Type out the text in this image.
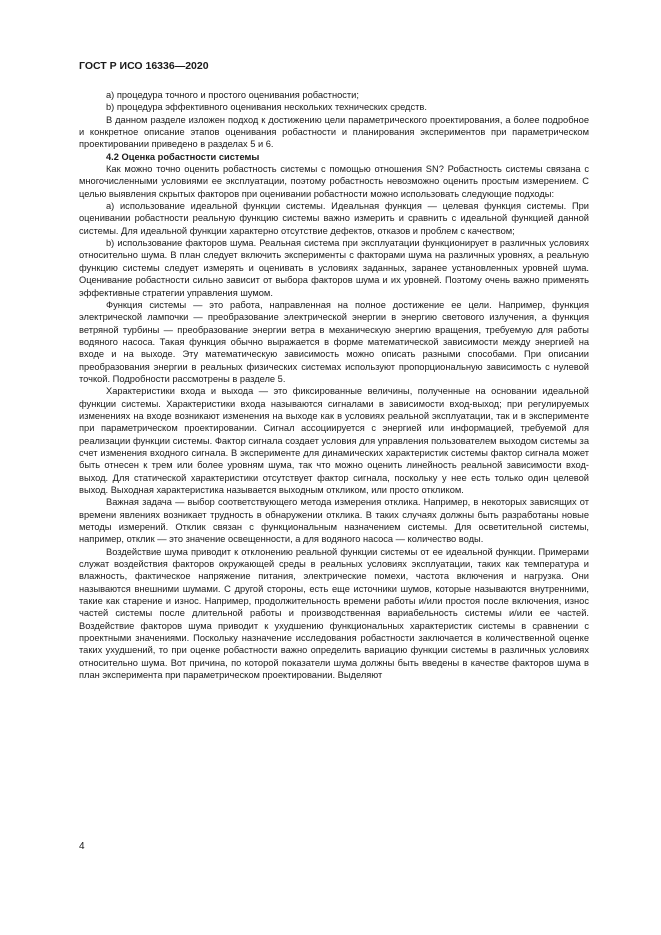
ГОСТ Р ИСО 16336—2020

а) процедура точного и простого оценивания робастности;

b) процедура эффективного оценивания нескольких технических средств.

В данном разделе изложен подход к достижению цели параметрического проектирования, а более подробное и конкретное описание этапов оценивания робастности и планирования экспериментов при параметрическом проектировании приведено в разделах 5 и 6.

4.2 Оценка робастности системы

Как можно точно оценить робастность системы с помощью отношения SN? Робастность системы связана с многочисленными условиями ее эксплуатации, поэтому робастность невозможно оценить простым измерением. С целью выявления скрытых факторов при оценивании робастности можно использовать следующие подходы:

a) использование идеальной функции системы. Идеальная функция — целевая функция системы. При оценивании робастности реальную функцию системы важно измерить и сравнить с идеальной функцией данной системы. Для идеальной функции характерно отсутствие дефектов, отказов и проблем с качеством;

b) использование факторов шума. Реальная система при эксплуатации функционирует в различных условиях относительно шума. В план следует включить эксперименты с факторами шума на различных уровнях, а реальную функцию системы следует измерять и оценивать в условиях заданных, заранее установленных уровней шума. Оценивание робастности сильно зависит от выбора факторов шума и их уровней. Поэтому очень важно применять эффективные стратегии управления шумом.

Функция системы — это работа, направленная на полное достижение ее цели. Например, функция электрической лампочки — преобразование электрической энергии в энергию светового излучения, а функция ветряной турбины — преобразование энергии ветра в механическую энергию вращения, требуемую для работы водяного насоса. Такая функция обычно выражается в форме математической зависимости между энергией на входе и на выходе. Эту математическую зависимость можно описать разными способами. При описании преобразования энергии в реальных физических системах используют пропорциональную зависимость с нулевой точкой. Подробности рассмотрены в разделе 5.

Характеристики входа и выхода — это фиксированные величины, полученные на основании идеальной функции системы. Характеристики входа называются сигналами в зависимости вход-выход; при регулируемых изменениях на входе возникают изменения на выходе как в условиях реальной эксплуатации, так и в эксперименте при параметрическом проектировании. Сигнал ассоциируется с энергией или информацией, требуемой для реализации функции системы. Фактор сигнала создает условия для управления пользователем выходом системы за счет изменения входного сигнала. В эксперименте для динамических характеристик системы фактор сигнала может быть отнесен к трем или более уровням шума, так что можно оценить линейность реальной зависимости вход-выход. Для статической характеристики отсутствует фактор сигнала, поскольку у нее есть только один целевой выход. Выходная характеристика называется выходным откликом, или просто откликом.

Важная задача — выбор соответствующего метода измерения отклика. Например, в некоторых зависящих от времени явлениях возникает трудность в обнаружении отклика. В таких случаях должны быть разработаны новые методы измерений. Отклик связан с функциональным назначением системы. Для осветительной системы, например, отклик — это значение освещенности, а для водяного насоса — количество воды.

Воздействие шума приводит к отклонению реальной функции системы от ее идеальной функции. Примерами служат воздействия факторов окружающей среды в реальных условиях эксплуатации, таких как температура и влажность, фактическое напряжение питания, электрические помехи, частота включения и нагрузка. Они называются внешними шумами. С другой стороны, есть еще источники шумов, которые называются внутренними, такие как старение и износ. Например, продолжительность времени работы и/или простоя после включения, износ частей системы после длительной работы и производственная вариабельность системы и/или ее частей. Воздействие факторов шума приводит к ухудшению функциональных характеристик системы в сравнении с проектными значениями. Поскольку назначение исследования робастности заключается в количественной оценке таких ухудшений, то при оценке робастности важно определить вариацию функции системы в различных условиях относительно шума. Вот причина, по которой показатели шума должны быть введены в качестве факторов шума в план эксперимента при параметрическом проектировании. Выделяют

4
